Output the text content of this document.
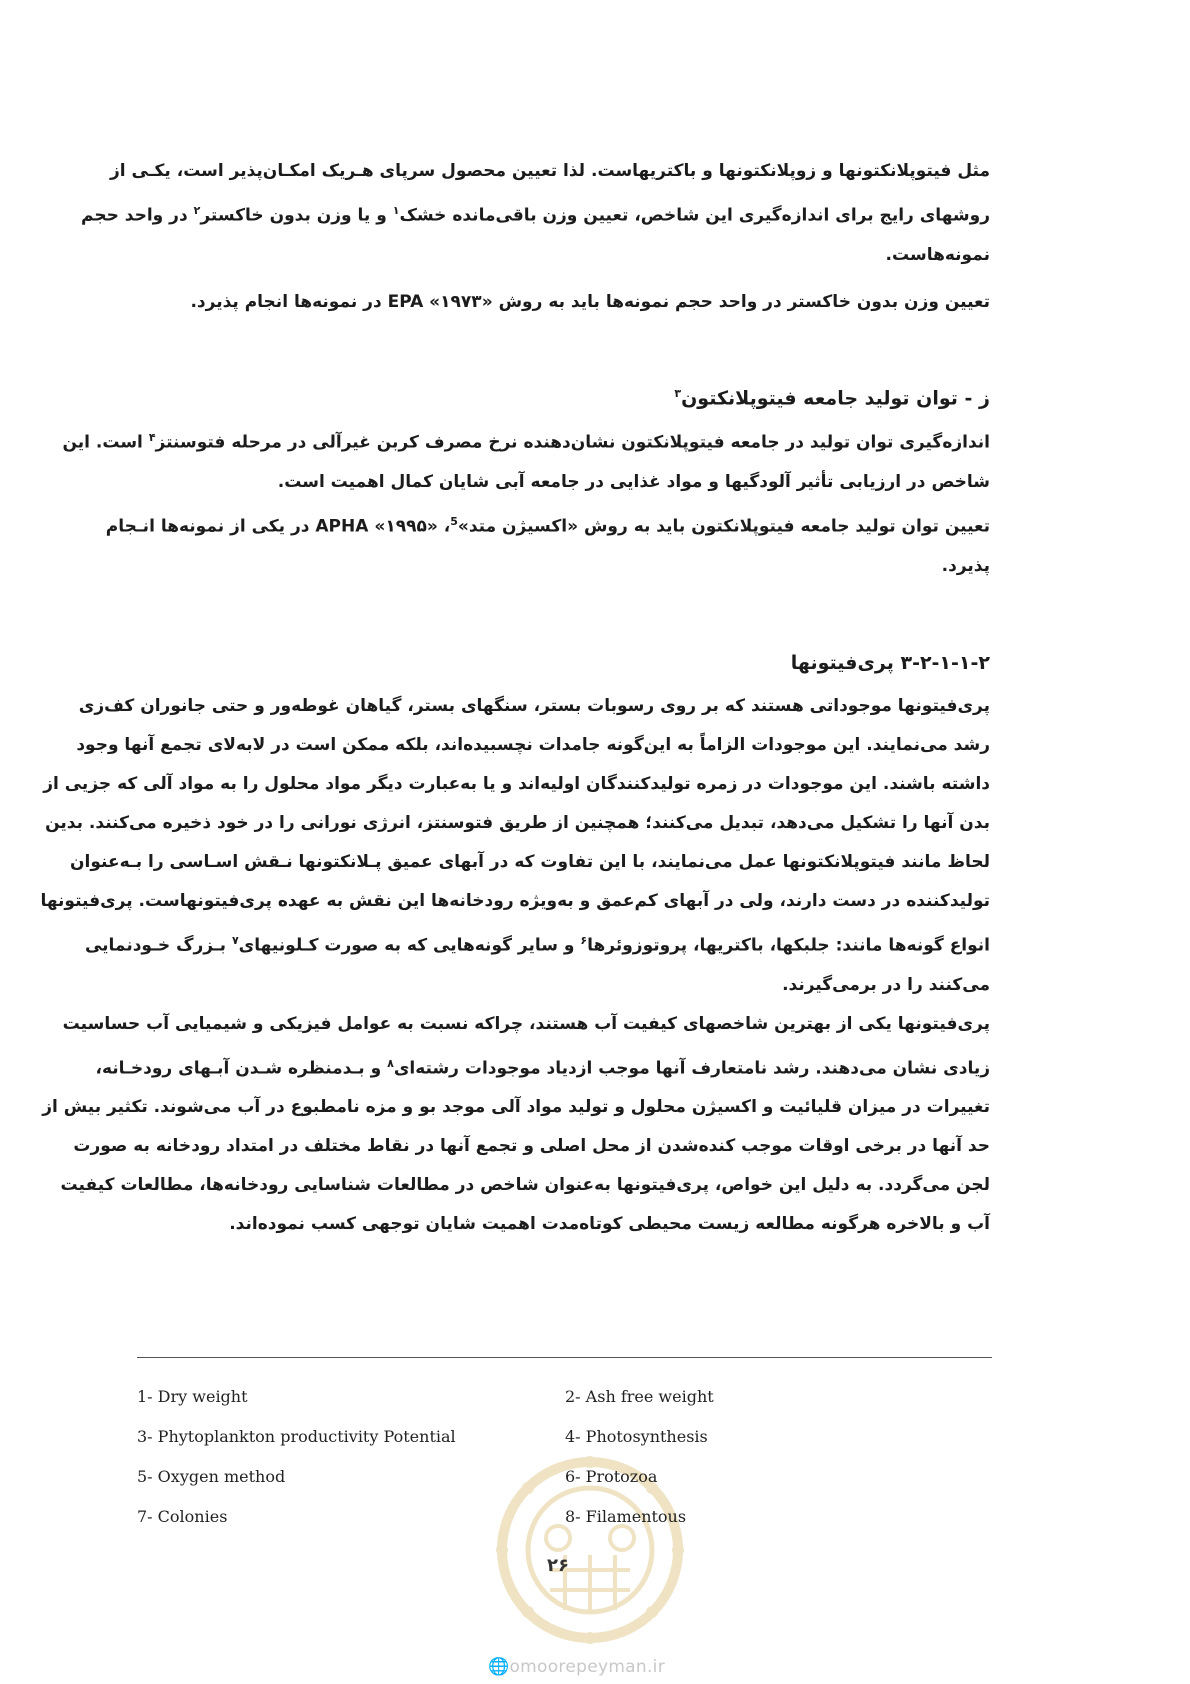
مثل فیتوپلانکتونها و زوپلانکتونها و باکتریهاست. لذا تعیین محصول سرپای هـریک امکـان‌پذیر است، یکـی از
روشهای رایج برای اندازه‌گیری این شاخص، تعیین وزن باقی‌مانده خشک$^۱$ و یا وزن بدون خاکستر$^۲$ در واحد حجم
نمونه‌هاست.
تعیین وزن بدون خاکستر در واحد حجم نمونه‌ها باید به روش «۱۹۷۳» EPA در نمونه‌ها انجام پذیرد.
ز - توان تولید جامعه فیتوپلانکتون$^۳$
اندازه‌گیری توان تولید در جامعه فیتوپلانکتون نشان‌دهنده نرخ مصرف کربن غیرآلی در مرحله فتوسنتز$^۴$ است. این
شاخص در ارزیابی تأثیر آلودگیها و مواد غذایی در جامعه آبی شایان کمال اهمیت است.
تعیین توان تولید جامعه فیتوپلانکتون باید به روش «اکسیژن متد»$^5$، «۱۹۹۵» APHA در یکی از نمونه‌ها انـجام
پذیرد.
۳-۲-۱-۱-۲ پری‌فیتونها
پری‌فیتونها موجوداتی هستند که بر روی رسوبات بستر، سنگهای بستر، گیاهان غوطه‌ور و حتی جانوران کف‌زی
رشد می‌نمایند. این موجودات الزاماً به این‌گونه جامدات نچسبیده‌اند، بلکه ممکن است در لابه‌لای تجمع آنها وجود
داشته باشند. این موجودات در زمره تولیدکنندگان اولیه‌اند و یا به‌عبارت دیگر مواد محلول را به مواد آلی که جزیی از
بدن آنها را تشکیل می‌دهد، تبدیل می‌کنند؛ همچنین از طریق فتوسنتز، انرژی نورانی را در خود ذخیره می‌کنند. بدین
لحاظ مانند فیتوپلانکتونها عمل می‌نمایند، با این تفاوت که در آبهای عمیق پـلانکتونها نـقش اسـاسی را بـه‌عنوان
تولیدکننده در دست دارند، ولی در آبهای کم‌عمق و به‌ویژه رودخانه‌ها این نقش به عهده پری‌فیتونهاست. پری‌فیتونها
انواع گونه‌ها مانند: جلبکها، باکتریها، پروتوزوئرها$^۶$ و سایر گونه‌هایی که به صورت کـلونیهای$^۷$ بـزرگ خـودنمایی
می‌کنند را در برمی‌گیرند.
پری‌فیتونها یکی از بهترین شاخصهای کیفیت آب هستند، چراکه نسبت به عوامل فیزیکی و شیمیایی آب حساسیت
زیادی نشان می‌دهند. رشد نامتعارف آنها موجب ازدیاد موجودات رشته‌ای$^۸$ و بـدمنظره شـدن آبـهای رودخـانه،
تغییرات در میزان قلیائیت و اکسیژن محلول و تولید مواد آلی موجد بو و مزه نامطبوع در آب می‌شوند. تکثیر بیش از
حد آنها در برخی اوقات موجب کنده‌شدن از محل اصلی و تجمع آنها در نقاط مختلف در امتداد رودخانه به صورت
لجن می‌گردد. به دلیل این خواص، پری‌فیتونها به‌عنوان شاخص در مطالعات شناسایی رودخانه‌ها، مطالعات کیفیت
آب و بالاخره هرگونه مطالعه زیست محیطی کوتاه‌مدت اهمیت شایان توجهی کسب نموده‌اند.
1- Dry weight
3- Phytoplankton productivity Potential
5- Oxygen method
7- Colonies
2- Ash free weight
4- Photosynthesis
6- Protozoa
8- Filamentous
۲۶
🌐omoorepeyman.ir
